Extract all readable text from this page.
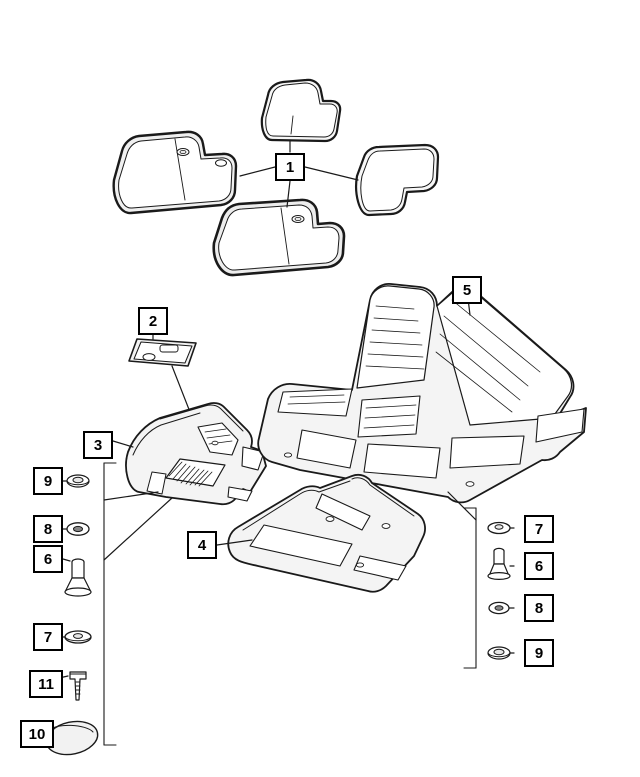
1
2
3
4
5
6
7
8
9
10
11
7
6
8
9
